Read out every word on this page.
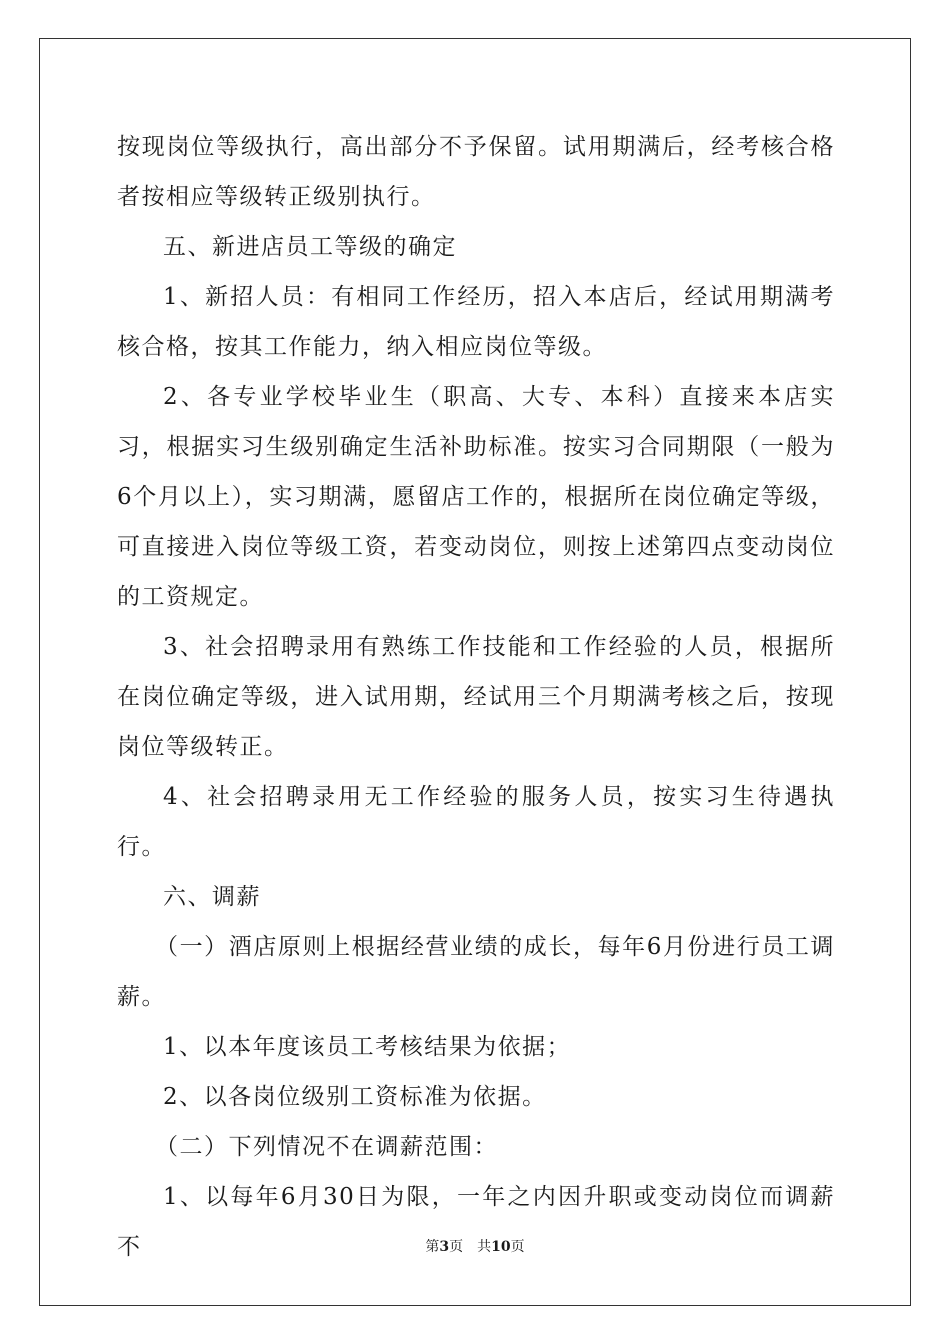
按现岗位等级执行，高出部分不予保留。试用期满后，经考核合格者按相应等级转正级别执行。

五、新进店员工等级的确定

1、新招人员：有相同工作经历，招入本店后，经试用期满考核合格，按其工作能力，纳入相应岗位等级。

2、各专业学校毕业生（职高、大专、本科）直接来本店实习，根据实习生级别确定生活补助标准。按实习合同期限（一般为6个月以上），实习期满，愿留店工作的，根据所在岗位确定等级，可直接进入岗位等级工资，若变动岗位，则按上述第四点变动岗位的工资规定。

3、社会招聘录用有熟练工作技能和工作经验的人员，根据所在岗位确定等级，进入试用期，经试用三个月期满考核之后，按现岗位等级转正。

4、社会招聘录用无工作经验的服务人员，按实习生待遇执行。

六、调薪

（一）酒店原则上根据经营业绩的成长，每年6月份进行员工调薪。

1、以本年度该员工考核结果为依据；

2、以各岗位级别工资标准为依据。

（二）下列情况不在调薪范围：

1、以每年6月30日为限，一年之内因升职或变动岗位而调薪不	第3页 共10页
